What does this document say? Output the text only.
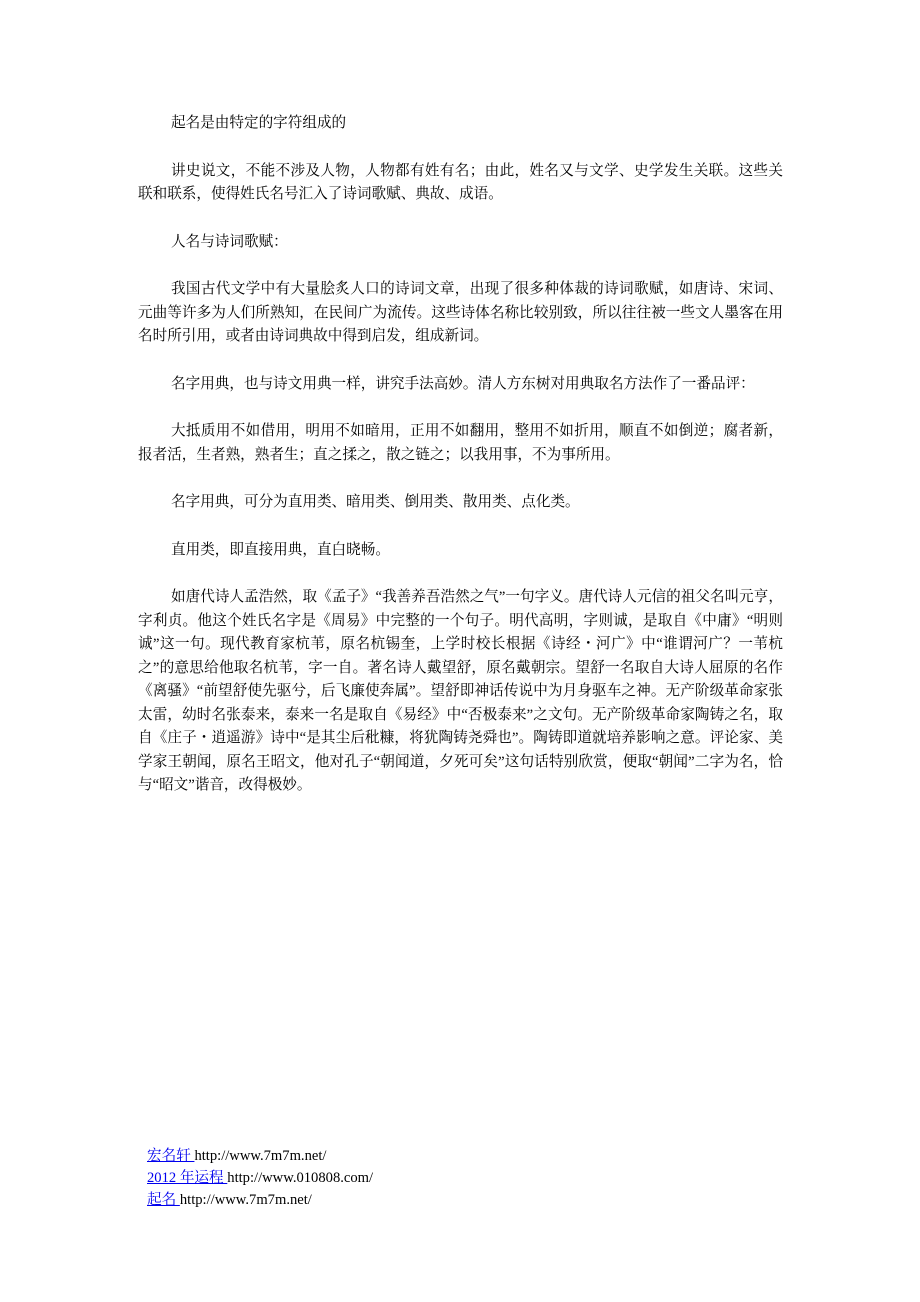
起名是由特定的字符组成的

讲史说文，不能不涉及人物，人物都有姓有名；由此，姓名又与文学、史学发生关联。这些关联和联系，使得姓氏名号汇入了诗词歌赋、典故、成语。

人名与诗词歌赋：

我国古代文学中有大量脍炙人口的诗词文章，出现了很多种体裁的诗词歌赋，如唐诗、宋词、元曲等许多为人们所熟知，在民间广为流传。这些诗体名称比较别致，所以往往被一些文人墨客在用名时所引用，或者由诗词典故中得到启发，组成新词。

名字用典，也与诗文用典一样，讲究手法高妙。清人方东树对用典取名方法作了一番品评：

大抵质用不如借用，明用不如暗用，正用不如翻用，整用不如折用，顺直不如倒逆；腐者新，报者活，生者熟，熟者生；直之揉之，散之链之；以我用事，不为事所用。

名字用典，可分为直用类、暗用类、倒用类、散用类、点化类。

直用类，即直接用典，直白晓畅。

如唐代诗人孟浩然，取《孟子》“我善养吾浩然之气”一句字义。唐代诗人元信的祖父名叫元亨，字利贞。他这个姓氏名字是《周易》中完整的一个句子。明代高明，字则诚，是取自《中庸》“明则诚”这一句。现代教育家杭苇，原名杭锡奎，上学时校长根据《诗经・河广》中“谁谓河广？一苇杭之”的意思给他取名杭苇，字一自。著名诗人戴望舒，原名戴朝宗。望舒一名取自大诗人屈原的名作《离骚》“前望舒使先驱兮，后飞廉使奔属”。望舒即神话传说中为月身驱车之神。无产阶级革命家张太雷，幼时名张泰来，泰来一名是取自《易经》中“否极泰来”之文句。无产阶级革命家陶铸之名，取自《庄子・逍遥游》诗中“是其尘后秕糠，将犹陶铸尧舜也”。陶铸即道就培养影响之意。评论家、美学家王朝闻，原名王昭文，他对孔子“朝闻道，夕死可矣”这句话特别欣赏，便取“朝闻”二字为名，恰与“昭文”谐音，改得极妙。

宏名轩 http://www.7m7m.net/
2012 年运程 http://www.010808.com/
起名 http://www.7m7m.net/
